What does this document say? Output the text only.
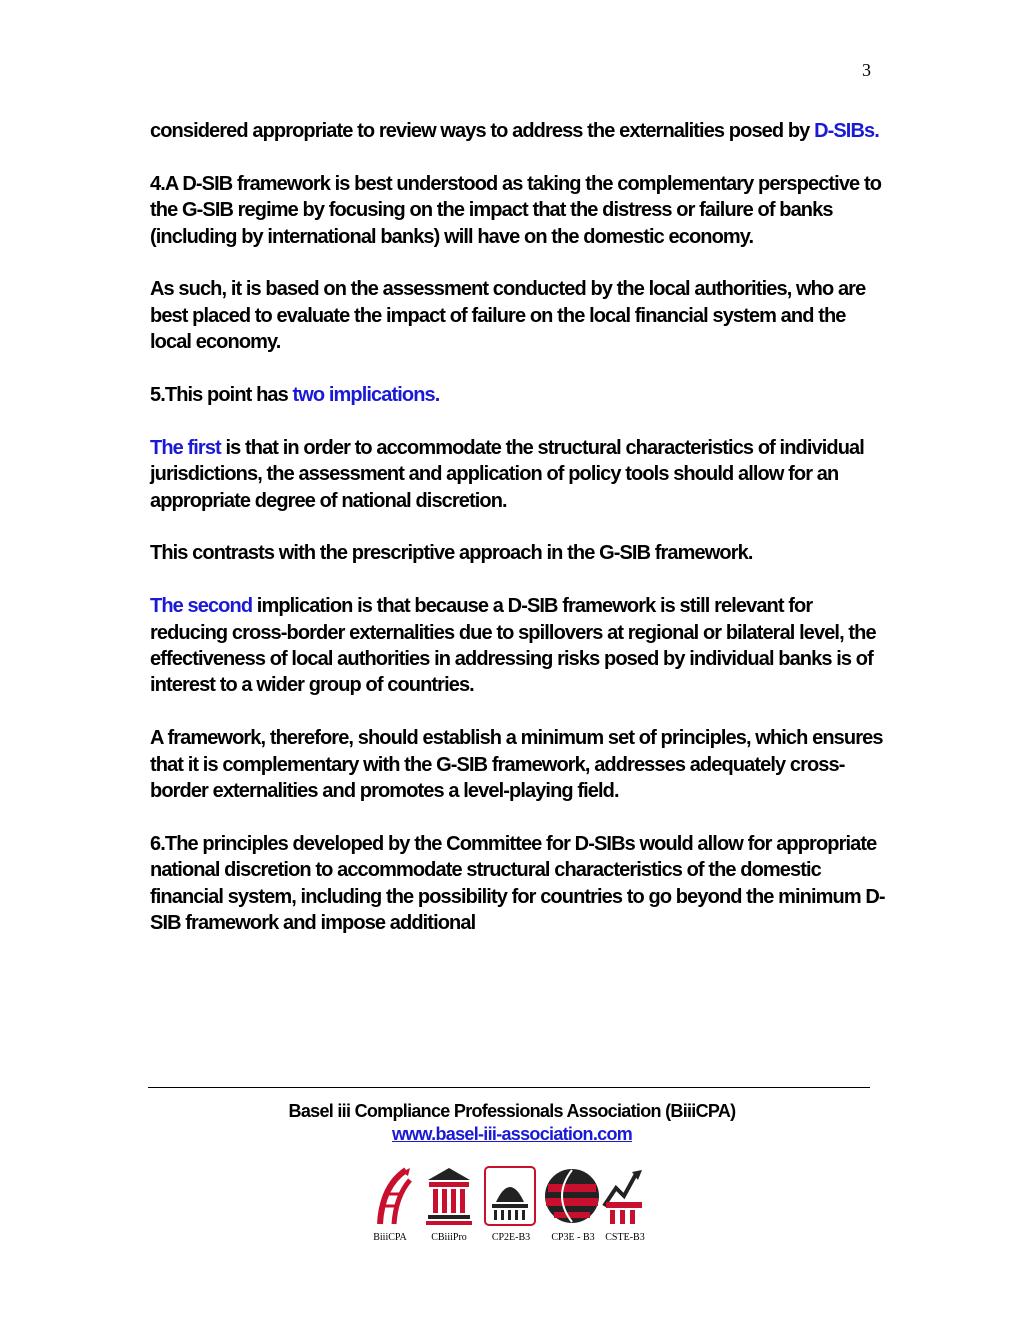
3

considered appropriate to review ways to address the externalities posed by D-SIBs.

4.A D-SIB framework is best understood as taking the complementary perspective to the G-SIB regime by focusing on the impact that the distress or failure of banks (including by international banks) will have on the domestic economy.

As such, it is based on the assessment conducted by the local authorities, who are best placed to evaluate the impact of failure on the local financial system and the local economy.

5.This point has two implications.

The first is that in order to accommodate the structural characteristics of individual jurisdictions, the assessment and application of policy tools should allow for an appropriate degree of national discretion.

This contrasts with the prescriptive approach in the G-SIB framework.

The second implication is that because a D-SIB framework is still relevant for reducing cross-border externalities due to spillovers at regional or bilateral level, the effectiveness of local authorities in addressing risks posed by individual banks is of interest to a wider group of countries.

A framework, therefore, should establish a minimum set of principles, which ensures that it is complementary with the G-SIB framework, addresses adequately cross-border externalities and promotes a level-playing field.

6.The principles developed by the Committee for D-SIBs would allow for appropriate national discretion to accommodate structural characteristics of the domestic financial system, including the possibility for countries to go beyond the minimum D-SIB framework and impose additional

Basel iii Compliance Professionals Association (BiiiCPA)
www.basel-iii-association.com
BiiiCPA	CBiiiPro	CP2E-B3	CP3E - B3	CSTE-B3
